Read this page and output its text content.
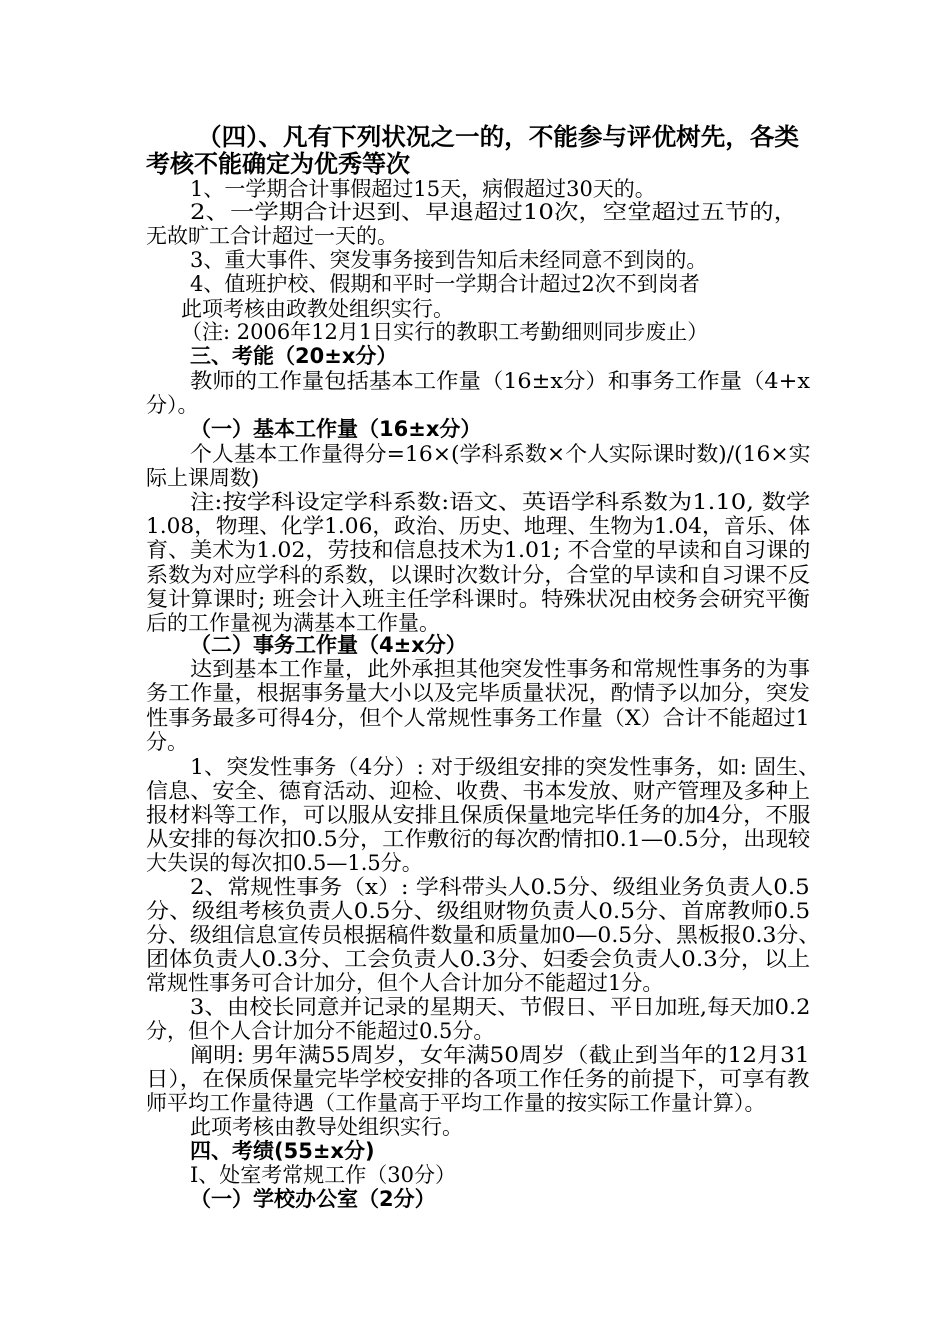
（四）、凡有下列状况之一的，不能参与评优树先，各类
考核不能确定为优秀等次
1、一学期合计事假超过15天，病假超过30天的。
2、一学期合计迟到、早退超过10次，空堂超过五节的，
无故旷工合计超过一天的。
3、重大事件、突发事务接到告知后未经同意不到岗的。
4、值班护校、假期和平时一学期合计超过2次不到岗者
此项考核由政教处组织实行。
（注: 2006年12月1日实行的教职工考勤细则同步废止）
三、考能（20±x分）
教师的工作量包括基本工作量（16±x分）和事务工作量（4+x
分）。
（一）基本工作量（16±x分）
个人基本工作量得分=16×(学科系数×个人实际课时数)/(16×实
际上课周数)
注:按学科设定学科系数:语文、英语学科系数为1.10, 数学
1.08，物理、化学1.06，政治、历史、地理、生物为1.04，音乐、体
育、美术为1.02，劳技和信息技术为1.01; 不合堂的早读和自习课的
系数为对应学科的系数，以课时次数计分，合堂的早读和自习课不反
复计算课时; 班会计入班主任学科课时。特殊状况由校务会研究平衡
后的工作量视为满基本工作量。
（二）事务工作量（4±x分）
达到基本工作量，此外承担其他突发性事务和常规性事务的为事
务工作量，根据事务量大小以及完毕质量状况，酌情予以加分，突发
性事务最多可得4分，但个人常规性事务工作量（X）合计不能超过1
分。
1、突发性事务（4分）: 对于级组安排的突发性事务，如: 固生、
信息、安全、德育活动、迎检、收费、书本发放、财产管理及多种上
报材料等工作，可以服从安排且保质保量地完毕任务的加4分，不服
从安排的每次扣0.5分，工作敷衍的每次酌情扣0.1—0.5分，出现较
大失误的每次扣0.5—1.5分。
2、常规性事务（x）: 学科带头人0.5分、级组业务负责人0.5
分、级组考核负责人0.5分、级组财物负责人0.5分、首席教师0.5
分、级组信息宣传员根据稿件数量和质量加0—0.5分、黑板报0.3分、
团体负责人0.3分、工会负责人0.3分、妇委会负责人0.3分，以上
常规性事务可合计加分，但个人合计加分不能超过1分。
3、由校长同意并记录的星期天、节假日、平日加班,每天加0.2
分，但个人合计加分不能超过0.5分。
阐明: 男年满55周岁，女年满50周岁（截止到当年的12月31
日），在保质保量完毕学校安排的各项工作任务的前提下，可享有教
师平均工作量待遇（工作量高于平均工作量的按实际工作量计算）。
此项考核由教导处组织实行。
四、考绩(55±x分)
Ⅰ、处室考常规工作（30分）
（一）学校办公室（2分）
